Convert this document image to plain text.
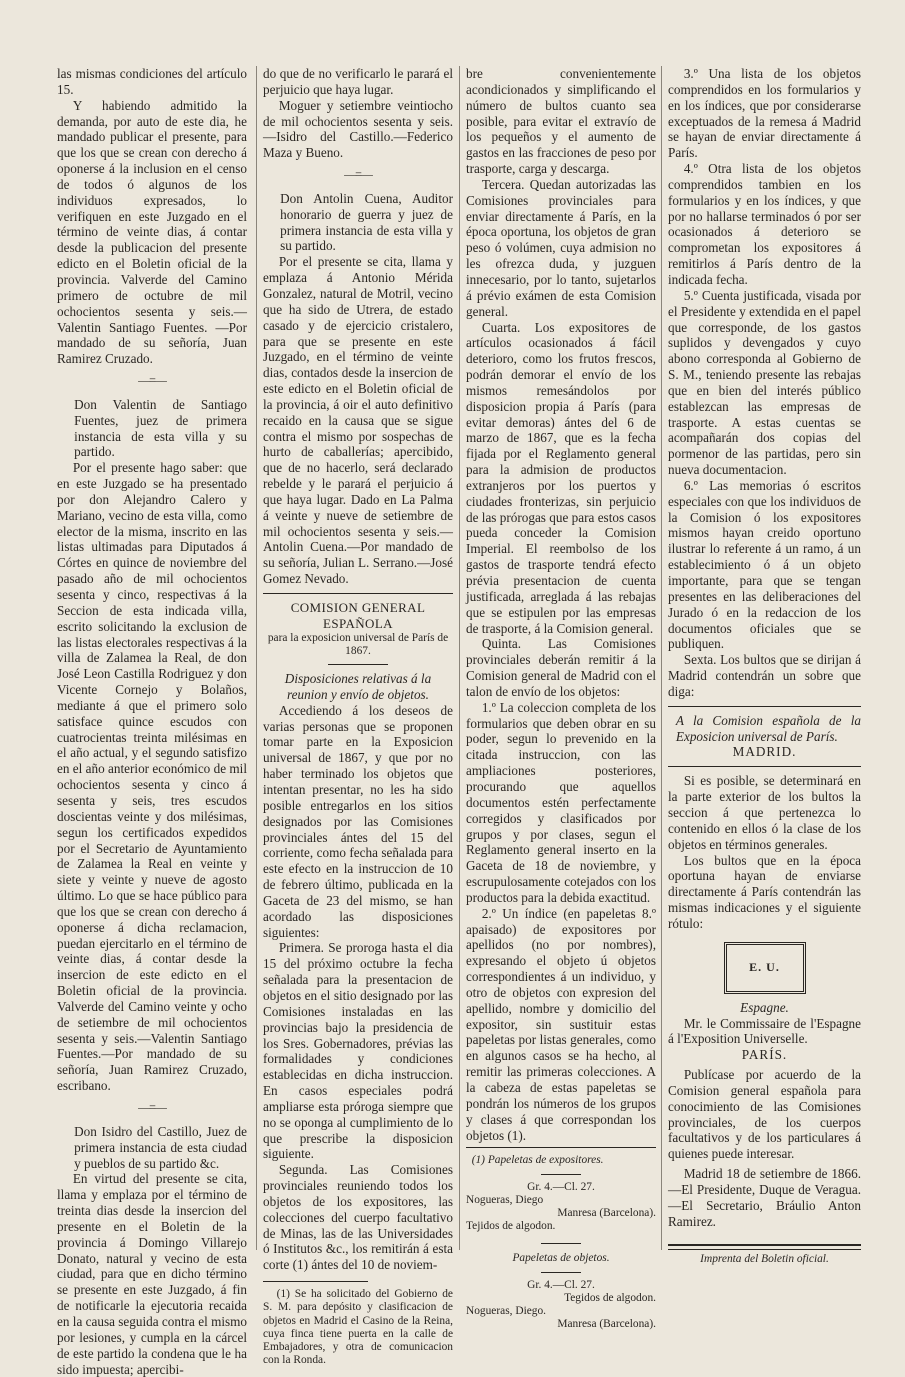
las mismas condiciones del artículo 15.

Y habiendo admitido la demanda, por auto de este dia, he mandado publicar el presente, para que los que se crean con derecho á oponerse á la inclusion en el censo de todos ó algunos de los individuos expresados, lo verifiquen en este Juzgado en el término de veinte dias, á contar desde la publicacion del presente edicto en el Boletin oficial de la provincia. Valverde del Camino primero de octubre de mil ochocientos sesenta y seis.—Valentin Santiago Fuentes. —Por mandado de su señoría, Juan Ramirez Cruzado.

—=—

Don Valentin de Santiago Fuentes, juez de primera instancia de esta villa y su partido.

Por el presente hago saber: que en este Juzgado se ha presentado por don Alejandro Calero y Mariano, vecino de esta villa, como elector de la misma, inscrito en las listas ultimadas para Diputados á Córtes en quince de noviembre del pasado año de mil ochocientos sesenta y cinco, respectivas á la Seccion de esta indicada villa, escrito solicitando la exclusion de las listas electorales respectivas á la villa de Zalamea la Real, de don José Leon Castilla Rodriguez y don Vicente Cornejo y Bolaños, mediante á que el primero solo satisface quince escudos con cuatrocientas treinta milésimas en el año actual, y el segundo satisfizo en el año anterior económico de mil ochocientos sesenta y cinco á sesenta y seis, tres escudos doscientas veinte y dos milésimas, segun los certificados expedidos por el Secretario de Ayuntamiento de Zalamea la Real en veinte y siete y veinte y nueve de agosto último. Lo que se hace público para que los que se crean con derecho á oponerse á dicha reclamacion, puedan ejercitarlo en el término de veinte dias, á contar desde la insercion de este edicto en el Boletin oficial de la provincia. Valverde del Camino veinte y ocho de setiembre de mil ochocientos sesenta y seis.—Valentin Santiago Fuentes.—Por mandado de su señoría, Juan Ramirez Cruzado, escribano.

—=—

Don Isidro del Castillo, Juez de primera instancia de esta ciudad y pueblos de su partido &c.

En virtud del presente se cita, llama y emplaza por el término de treinta dias desde la insercion del presente en el Boletin de la provincia á Domingo Villarejo Donato, natural y vecino de esta ciudad, para que en dicho término se presente en este Juzgado, á fin de notificarle la ejecutoria recaida en la causa seguida contra el mismo por lesiones, y cumpla en la cárcel de este partido la condena que le ha sido impuesta; apercibi-

do que de no verificarlo le parará el perjuicio que haya lugar.

Moguer y setiembre veintiocho de mil ochocientos sesenta y seis. —Isidro del Castillo.—Federico Maza y Bueno.

—=—

Don Antolin Cuena, Auditor honorario de guerra y juez de primera instancia de esta villa y su partido.

Por el presente se cita, llama y emplaza á Antonio Mérida Gonzalez, natural de Motril, vecino que ha sido de Utrera, de estado casado y de ejercicio cristalero, para que se presente en este Juzgado, en el término de veinte dias, contados desde la insercion de este edicto en el Boletin oficial de la provincia, á oir el auto definitivo recaido en la causa que se sigue contra el mismo por sospechas de hurto de caballerías; apercibido, que de no hacerlo, será declarado rebelde y le parará el perjuicio á que haya lugar. Dado en La Palma á veinte y nueve de setiembre de mil ochocientos sesenta y seis.—Antolin Cuena.—Por mandado de su señoría, Julian L. Serrano.—José Gomez Nevado.

COMISION GENERAL ESPAÑOLA

para la exposicion universal de París de 1867.

Disposiciones relativas á la reunion y envío de objetos.

Accediendo á los deseos de varias personas que se proponen tomar parte en la Exposicion universal de 1867, y que por no haber terminado los objetos que intentan presentar, no les ha sido posible entregarlos en los sitios designados por las Comisiones provinciales ántes del 15 del corriente, como fecha señalada para este efecto en la instruccion de 10 de febrero último, publicada en la Gaceta de 23 del mismo, se han acordado las disposiciones siguientes:

Primera. Se proroga hasta el dia 15 del próximo octubre la fecha señalada para la presentacion de objetos en el sitio designado por las Comisiones instaladas en las provincias bajo la presidencia de los Sres. Gobernadores, prévias las formalidades y condiciones establecidas en dicha instruccion. En casos especiales podrá ampliarse esta próroga siempre que no se oponga al cumplimiento de lo que prescribe la disposicion siguiente.

Segunda. Las Comisiones provinciales reuniendo todos los objetos de los expositores, las colecciones del cuerpo facultativo de Minas, las de las Universidades ó Institutos &c., los remitirán á esta corte (1) ántes del 10 de noviem-

(1) Se ha solicitado del Gobierno de S. M. para depósito y clasificacion de objetos en Madrid el Casino de la Reina, cuya finca tiene puerta en la calle de Embajadores, y otra de comunicacion con la Ronda.

bre convenientemente acondicionados y simplificando el número de bultos cuanto sea posible, para evitar el extravío de los pequeños y el aumento de gastos en las fracciones de peso por trasporte, carga y descarga.

Tercera. Quedan autorizadas las Comisiones provinciales para enviar directamente á París, en la época oportuna, los objetos de gran peso ó volúmen, cuya admision no les ofrezca duda, y juzguen innecesario, por lo tanto, sujetarlos á prévio exámen de esta Comision general.

Cuarta. Los expositores de artículos ocasionados á fácil deterioro, como los frutos frescos, podrán demorar el envío de los mismos remesándolos por disposicion propia á París (para evitar demoras) ántes del 6 de marzo de 1867, que es la fecha fijada por el Reglamento general para la admision de productos extranjeros por los puertos y ciudades fronterizas, sin perjuicio de las prórogas que para estos casos pueda conceder la Comision Imperial. El reembolso de los gastos de trasporte tendrá efecto prévia presentacion de cuenta justificada, arreglada á las rebajas que se estipulen por las empresas de trasporte, á la Comision general.

Quinta. Las Comisiones provinciales deberán remitir á la Comision general de Madrid con el talon de envío de los objetos:

1.º La coleccion completa de los formularios que deben obrar en su poder, segun lo prevenido en la citada instruccion, con las ampliaciones posteriores, procurando que aquellos documentos estén perfectamente corregidos y clasificados por grupos y por clases, segun el Reglamento general inserto en la Gaceta de 18 de noviembre, y escrupulosamente cotejados con los productos para la debida exactitud.

2.º Un índice (en papeletas 8.º apaisado) de expositores por apellidos (no por nombres), expresando el objeto ú objetos correspondientes á un individuo, y otro de objetos con expresion del apellido, nombre y domicilio del expositor, sin sustituir estas papeletas por listas generales, como en algunos casos se ha hecho, al remitir las primeras colecciones. A la cabeza de estas papeletas se pondrán los números de los grupos y clases á que correspondan los objetos (1).

(1) Papeletas de expositores.

Gr. 4.—Cl. 27.

Nogueras, Diego

Manresa (Barcelona).

Tejidos de algodon.

Papeletas de objetos.

Gr. 4.—Cl. 27.

Tegidos de algodon.

Nogueras, Diego.

Manresa (Barcelona).

3.º Una lista de los objetos comprendidos en los formularios y en los índices, que por considerarse exceptuados de la remesa á Madrid se hayan de enviar directamente á París.

4.º Otra lista de los objetos comprendidos tambien en los formularios y en los índices, y que por no hallarse terminados ó por ser ocasionados á deterioro se comprometan los expositores á remitirlos á París dentro de la indicada fecha.

5.º Cuenta justificada, visada por el Presidente y extendida en el papel que corresponde, de los gastos suplidos y devengados y cuyo abono corresponda al Gobierno de S. M., teniendo presente las rebajas que en bien del interés público establezcan las empresas de trasporte. A estas cuentas se acompañarán dos copias del pormenor de las partidas, pero sin nueva documentacion.

6.º Las memorias ó escritos especiales con que los individuos de la Comision ó los expositores mismos hayan creido oportuno ilustrar lo referente á un ramo, á un establecimiento ó á un objeto importante, para que se tengan presentes en las deliberaciones del Jurado ó en la redaccion de los documentos oficiales que se publiquen.

Sexta. Los bultos que se dirijan á Madrid contendrán un sobre que diga:

A la Comision española de la Exposicion universal de París.

MADRID.

Si es posible, se determinará en la parte exterior de los bultos la seccion á que pertenezca lo contenido en ellos ó la clase de los objetos en términos generales.

Los bultos que en la época oportuna hayan de enviarse directamente á París contendrán las mismas indicaciones y el siguiente rótulo:

E. U.

Espagne.

Mr. le Commissaire de l'Espagne á l'Exposition Universelle.

PARÍS.

Publícase por acuerdo de la Comision general española para conocimiento de las Comisiones provinciales, de los cuerpos facultativos y de los particulares á quienes puede interesar.

Madrid 18 de setiembre de 1866.—El Presidente, Duque de Veragua.—El Secretario, Bráulio Anton Ramirez.

Imprenta del Boletin oficial.
